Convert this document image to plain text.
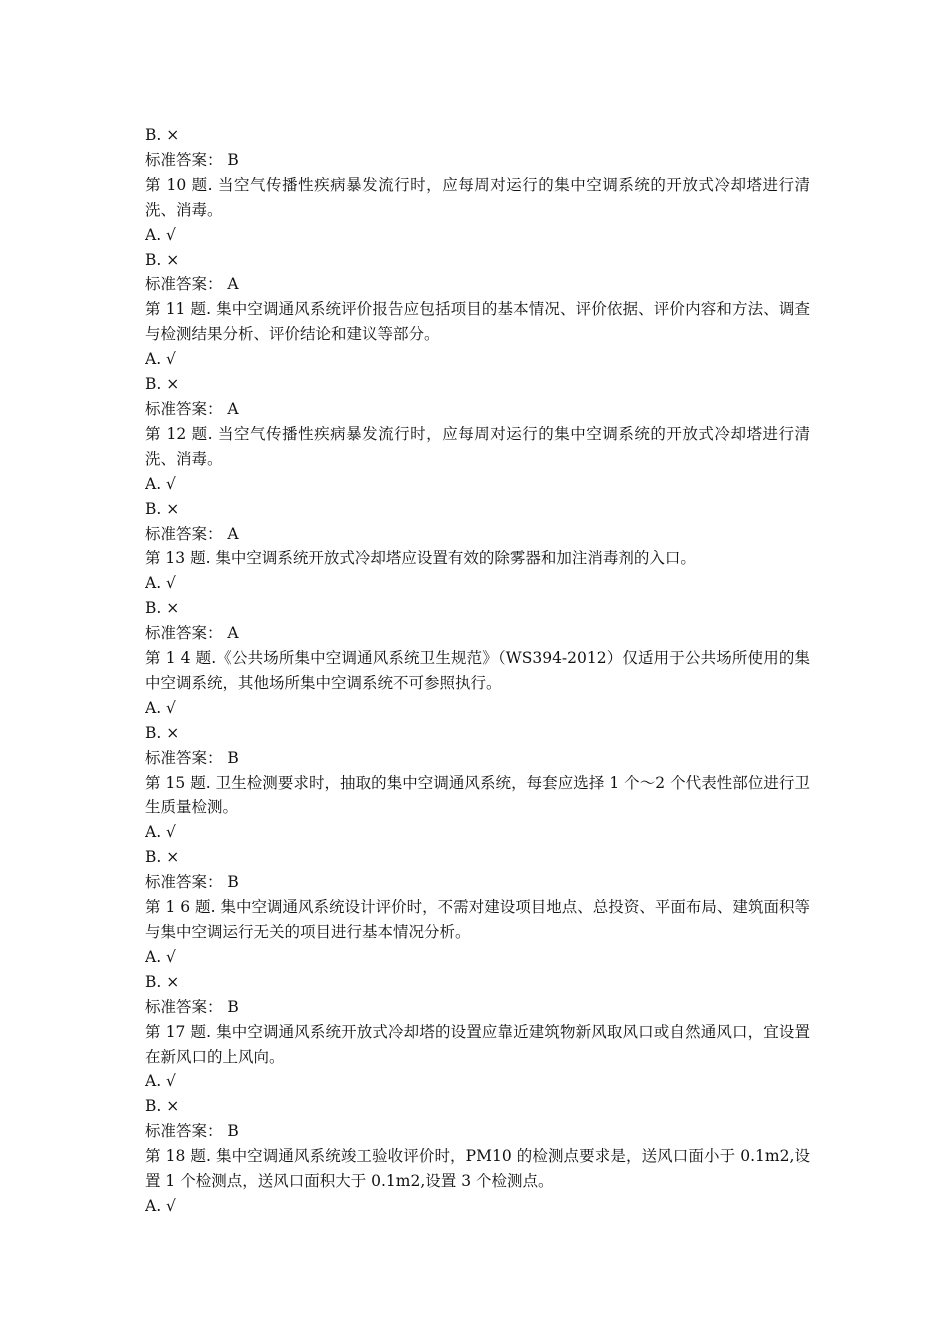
B. ×
标准答案： B
第 10 题. 当空气传播性疾病暴发流行时，应每周对运行的集中空调系统的开放式冷却塔进行清洗、消毒。
A. √
B. ×
标准答案： A
第 11 题. 集中空调通风系统评价报告应包括项目的基本情况、评价依据、评价内容和方法、调查与检测结果分析、评价结论和建议等部分。
A. √
B. ×
标准答案： A
第 12 题. 当空气传播性疾病暴发流行时，应每周对运行的集中空调系统的开放式冷却塔进行清洗、消毒。
A. √
B. ×
标准答案： A
第 13 题. 集中空调系统开放式冷却塔应设置有效的除雾器和加注消毒剂的入口。
A. √
B. ×
标准答案： A
第 1 4 题.《公共场所集中空调通风系统卫生规范》（WS394-2012）仅适用于公共场所使用的集中空调系统，其他场所集中空调系统不可参照执行。
A. √
B. ×
标准答案： B
第 15 题. 卫生检测要求时，抽取的集中空调通风系统，每套应选择 1 个～2 个代表性部位进行卫生质量检测。
A. √
B. ×
标准答案： B
第 1 6 题. 集中空调通风系统设计评价时，不需对建设项目地点、总投资、平面布局、建筑面积等与集中空调运行无关的项目进行基本情况分析。
A. √
B. ×
标准答案： B
第 17 题. 集中空调通风系统开放式冷却塔的设置应靠近建筑物新风取风口或自然通风口，宜设置在新风口的上风向。
A. √
B. ×
标准答案： B
第 18 题. 集中空调通风系统竣工验收评价时，PM10 的检测点要求是，送风口面小于 0.1m2,设置 1 个检测点，送风口面积大于 0.1m2,设置 3 个检测点。
A. √
